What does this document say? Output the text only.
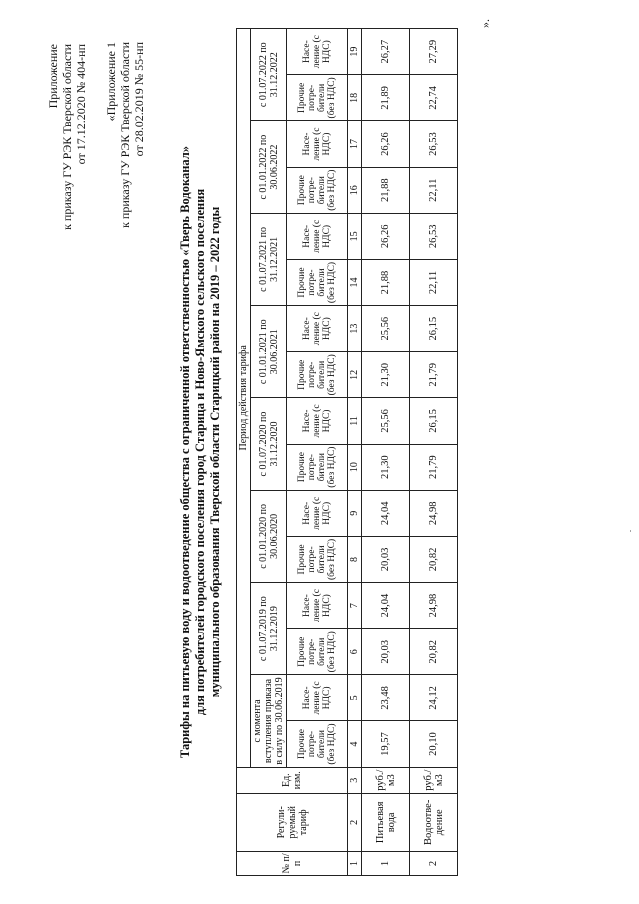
Приложение к приказу ГУ РЭК Тверской области от 17.12.2020 № 404-нп «Приложение 1 к приказу ГУ РЭК Тверской области от 28.02.2019 № 55-нп
Тарифы на питьевую воду и водоотведение общества с ограниченной ответственностью «Тверь Водоканал» для потребителей городского поселения город Старица и Ново-Ямского сельского поселения муниципального образования Тверской области Старицкий район на 2019 – 2022 годы
№ п/п	Регули-руемый тариф	Ед. изм.	Период действия тарифа															
			с момента вступления приказа в силу по 30.06.2019		с 01.07.2019 по 31.12.2019		с 01.01.2020 по 30.06.2020		с 01.07.2020 по 31.12.2020		с 01.01.2021 по 30.06.2021		с 01.07.2021 по 31.12.2021		с 01.01.2022 по 30.06.2022		с 01.07.2022 по 31.12.2022	
			Прочие потре-бители (без НДС)	Насе-ление (с НДС)	Прочие потре-бители (без НДС)	Насе-ление (с НДС)	Прочие потре-бители (без НДС)	Насе-ление (с НДС)	Прочие потре-бители (без НДС)	Насе-ление (с НДС)	Прочие потре-бители (без НДС)	Насе-ление (с НДС)	Прочие потре-бители (без НДС)	Насе-ление (с НДС)	Прочие потре-бители (без НДС)	Насе-ление (с НДС)	Прочие потре-бители (без НДС)	Насе-ление (с НДС)
1	2	3	4	5	6	7	8	9	10	11	12	13	14	15	16	17	18	19
1	Питьевая вода	руб./ м3	19,57	23,48	20,03	24,04	20,03	24,04	21,30	25,56	21,30	25,56	21,88	26,26	21,88	26,26	21,89	26,27
2	Водоотве-дение	руб./ м3	20,10	24,12	20,82	24,98	20,82	24,98	21,79	26,15	21,79	26,15	22,11	26,53	22,11	26,53	22,74	27,29
».
.
